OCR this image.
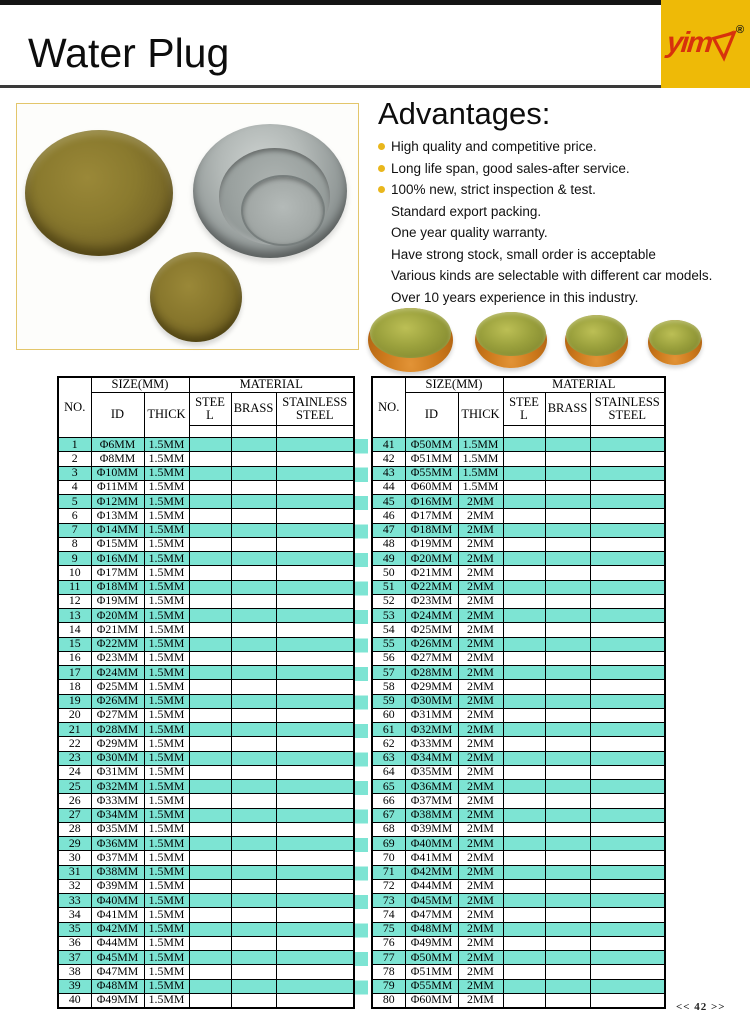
Water Plug	yim ®
Advantages:
High quality and competitive price.
Long life span, good sales-after service.
100% new, strict inspection & test.
Standard export packing.
One year quality warranty.
Have strong stock, small order is acceptable
Various kinds are selectable with different car models.
Over 10 years experience in this industry.
NO.	SIZE(MM)		MATERIAL		
	ID	THICK	STEEL	BRASS	STAINLESS STEEL

1	Φ6MM	1.5MM			
2	Φ8MM	1.5MM			
3	Φ10MM	1.5MM			
4	Φ11MM	1.5MM			
5	Φ12MM	1.5MM			
6	Φ13MM	1.5MM			
7	Φ14MM	1.5MM			
8	Φ15MM	1.5MM			
9	Φ16MM	1.5MM			
10	Φ17MM	1.5MM			
11	Φ18MM	1.5MM			
12	Φ19MM	1.5MM			
13	Φ20MM	1.5MM			
14	Φ21MM	1.5MM			
15	Φ22MM	1.5MM			
16	Φ23MM	1.5MM			
17	Φ24MM	1.5MM			
18	Φ25MM	1.5MM			
19	Φ26MM	1.5MM			
20	Φ27MM	1.5MM			
21	Φ28MM	1.5MM			
22	Φ29MM	1.5MM			
23	Φ30MM	1.5MM			
24	Φ31MM	1.5MM			
25	Φ32MM	1.5MM			
26	Φ33MM	1.5MM			
27	Φ34MM	1.5MM			
28	Φ35MM	1.5MM			
29	Φ36MM	1.5MM			
30	Φ37MM	1.5MM			
31	Φ38MM	1.5MM			
32	Φ39MM	1.5MM			
33	Φ40MM	1.5MM			
34	Φ41MM	1.5MM			
35	Φ42MM	1.5MM			
36	Φ44MM	1.5MM			
37	Φ45MM	1.5MM			
38	Φ47MM	1.5MM			
39	Φ48MM	1.5MM			
40	Φ49MM	1.5MM			
NO.	SIZE(MM)		MATERIAL		
	ID	THICK	STEEL	BRASS	STAINLESS STEEL

41	Φ50MM	1.5MM			
42	Φ51MM	1.5MM			
43	Φ55MM	1.5MM			
44	Φ60MM	1.5MM			
45	Φ16MM	2MM			
46	Φ17MM	2MM			
47	Φ18MM	2MM			
48	Φ19MM	2MM			
49	Φ20MM	2MM			
50	Φ21MM	2MM			
51	Φ22MM	2MM			
52	Φ23MM	2MM			
53	Φ24MM	2MM			
54	Φ25MM	2MM			
55	Φ26MM	2MM			
56	Φ27MM	2MM			
57	Φ28MM	2MM			
58	Φ29MM	2MM			
59	Φ30MM	2MM			
60	Φ31MM	2MM			
61	Φ32MM	2MM			
62	Φ33MM	2MM			
63	Φ34MM	2MM			
64	Φ35MM	2MM			
65	Φ36MM	2MM			
66	Φ37MM	2MM			
67	Φ38MM	2MM			
68	Φ39MM	2MM			
69	Φ40MM	2MM			
70	Φ41MM	2MM			
71	Φ42MM	2MM			
72	Φ44MM	2MM			
73	Φ45MM	2MM			
74	Φ47MM	2MM			
75	Φ48MM	2MM			
76	Φ49MM	2MM			
77	Φ50MM	2MM			
78	Φ51MM	2MM			
79	Φ55MM	2MM			
80	Φ60MM	2MM			
<< 42 >>
